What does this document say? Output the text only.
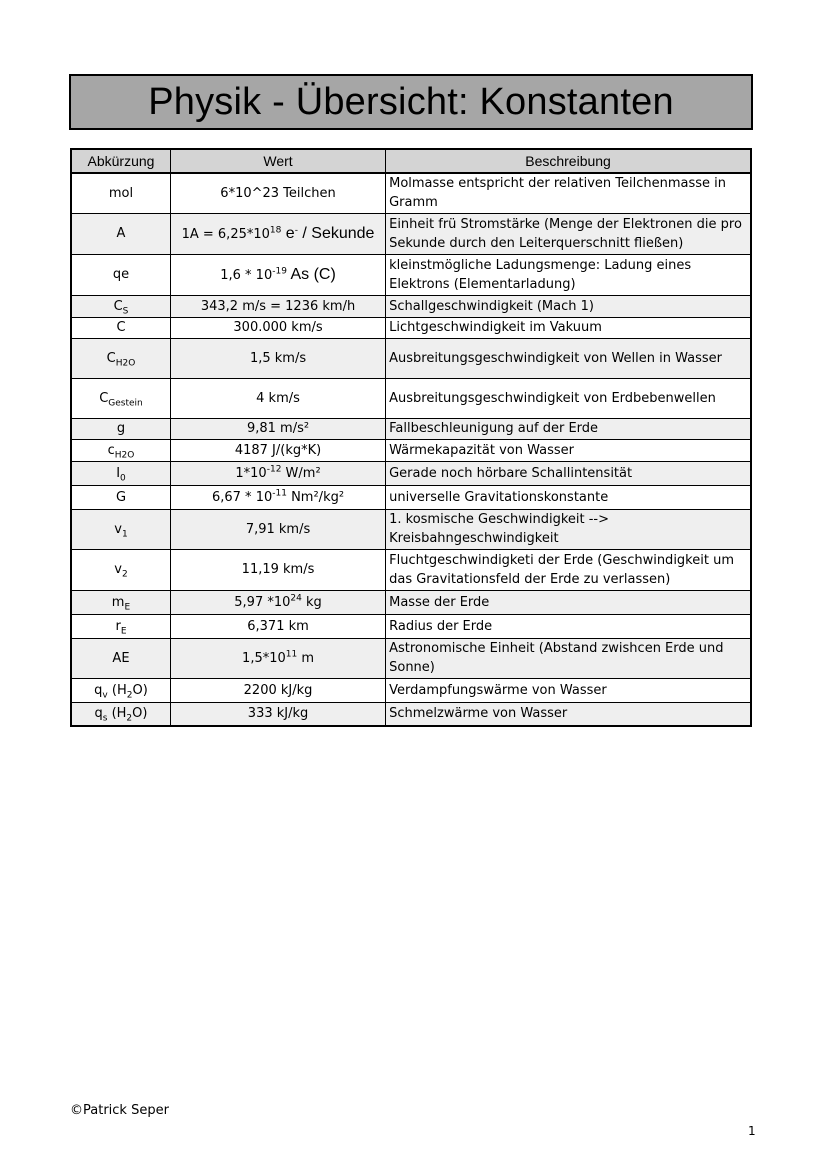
Physik - Übersicht: Konstanten
Abkürzung	Wert	Beschreibung
mol	6*10^23 Teilchen	Molmasse entspricht der relativen Teilchenmasse in Gramm
A	$1A = 6,25*10^{18}$ e- / Sekunde	Einheit frü Stromstärke (Menge der Elektronen die pro Sekunde durch den Leiterquerschnitt fließen)
qe	$1,6 * 10^{-19}$ As (C)	kleinstmögliche Ladungsmenge: Ladung eines Elektrons (Elementarladung)
$C_S$	343,2 m/s = 1236 km/h	Schallgeschwindigkeit (Mach 1)
C	300.000 km/s	Lichtgeschwindigkeit im Vakuum
$C_{H2O}$	1,5 km/s	Ausbreitungsgeschwindigkeit von Wellen in Wasser
$C_{Gestein}$	4 km/s	Ausbreitungsgeschwindigkeit von Erdbebenwellen
g	9,81 m/s²	Fallbeschleunigung auf der Erde
$c_{H2O}$	4187 J/(kg*K)	Wärmekapazität von Wasser
$I_0$	$1*10^{-12}$ W/m²	Gerade noch hörbare Schallintensität
G	$6,67 * 10^{-11}$ Nm²/kg²	universelle Gravitationskonstante
$v_1$	7,91 km/s	1. kosmische Geschwindigkeit --> Kreisbahngeschwindigkeit
$v_2$	11,19 km/s	Fluchtgeschwindigketi der Erde (Geschwindigkeit um das Gravitationsfeld der Erde zu verlassen)
$m_E$	5,97 $*10^{24}$ kg	Masse der Erde
$r_E$	6,371 km	Radius der Erde
AE	$1,5*10^{11}$ m	Astronomische Einheit (Abstand zwishcen Erde und Sonne)
$q_v$ $(H_2O)$	2200 kJ/kg	Verdampfungswärme von Wasser
$q_s$ $(H_2O)$	333 kJ/kg	Schmelzwärme von Wasser
©Patrick Seper
1
